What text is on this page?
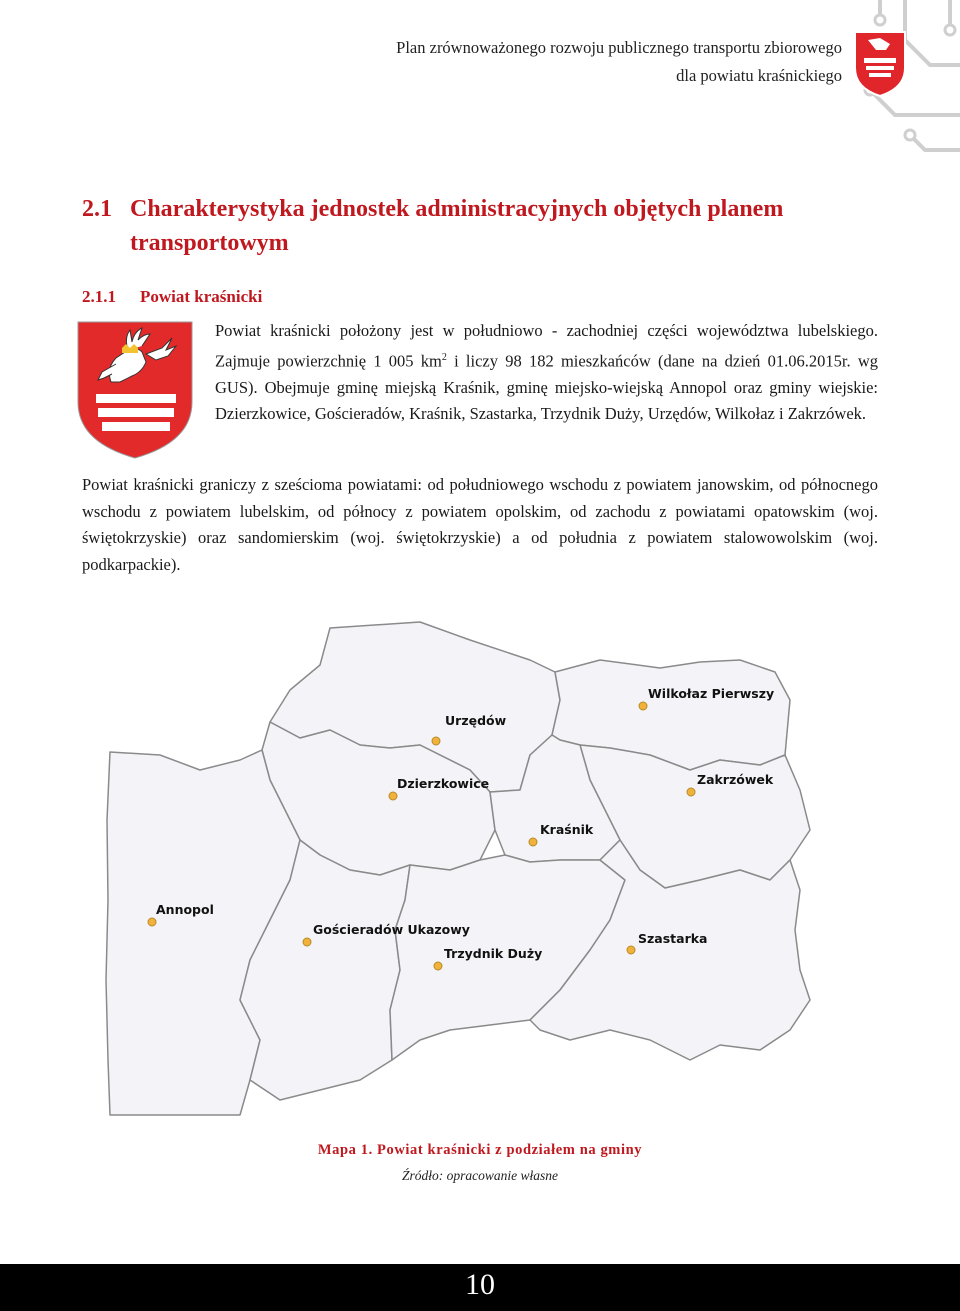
Plan zrównoważonego rozwoju publicznego transportu zbiorowego
dla powiatu kraśnickiego
2.1 Charakterystyka jednostek administracyjnych objętych planem
transportowym
2.1.1 Powiat kraśnicki
Powiat kraśnicki położony jest w południowo - zachodniej części województwa lubelskiego. Zajmuje powierzchnię 1 005 $km^2$ i liczy 98 182 mieszkańców (dane na dzień 01.06.2015r. wg GUS). Obejmuje gminę miejską Kraśnik, gminę miejsko-wiejską Annopol oraz gminy wiejskie: Dzierzkowice, Gościeradów, Kraśnik, Szastarka, Trzydnik Duży, Urzędów, Wilkołaz i Zakrzówek.
Powiat kraśnicki graniczy z sześcioma powiatami: od południowego wschodu z powiatem janowskim, od północnego wschodu z powiatem lubelskim, od północy z powiatem opolskim, od zachodu z powiatami opatowskim (woj. świętokrzyskie) oraz sandomierskim (woj. świętokrzyskie) a od południa z powiatem stalowowolskim (woj. podkarpackie).
Wilkołaz Pierwszy
Urzędów
Dzierzkowice	Zakrzówek
Kraśnik
Annopol
Gościeradów Ukazowy
Trzydnik Duży
Szastarka
Mapa 1. Powiat kraśnicki z podziałem na gminy
Źródło: opracowanie własne
10
